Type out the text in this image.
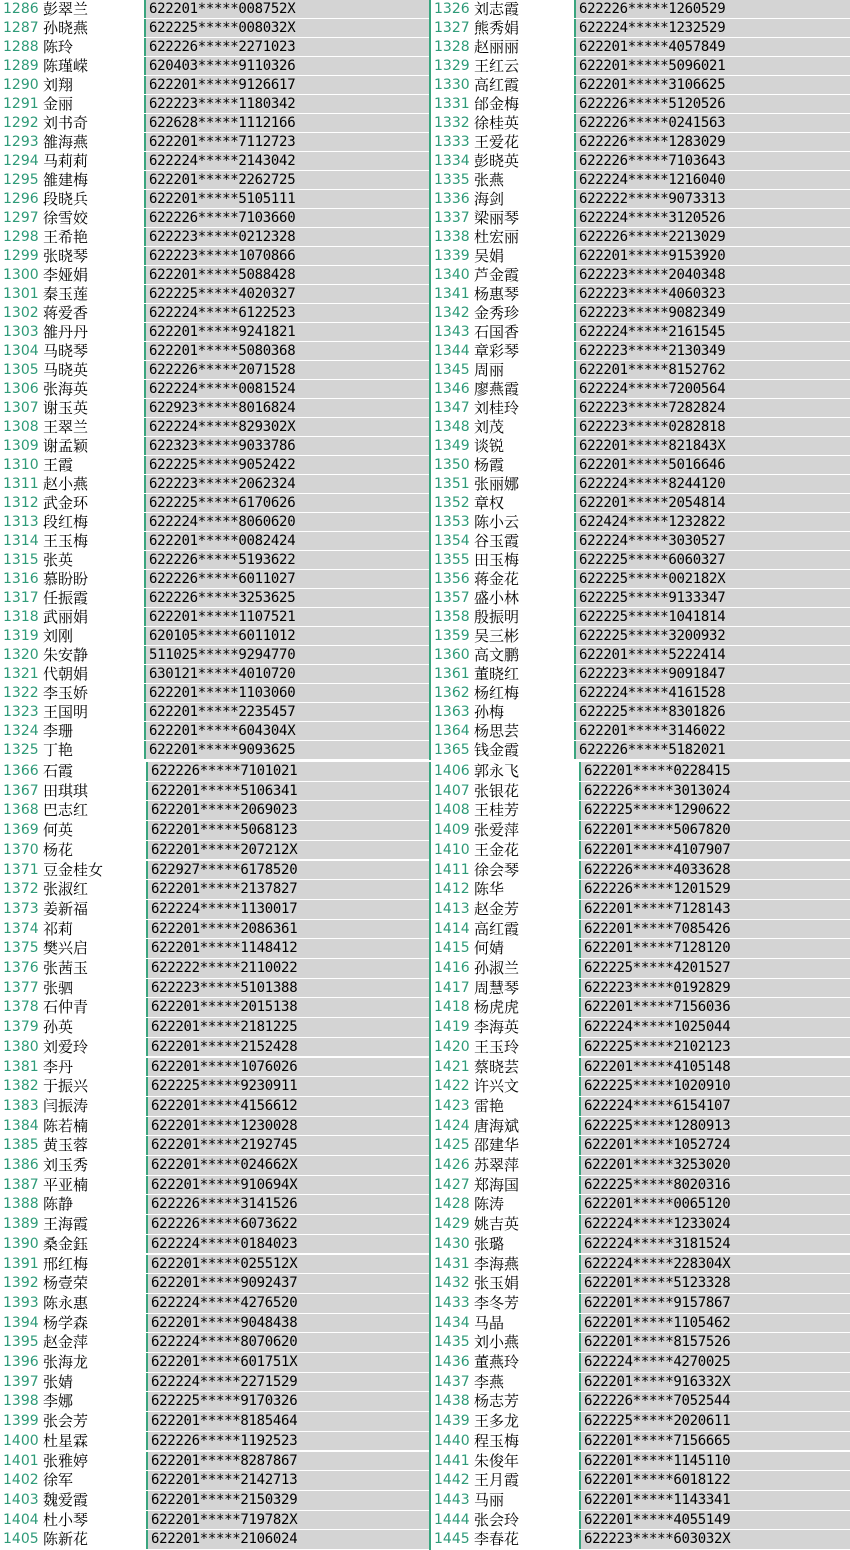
1286 彭翠兰	622201*****008752X
1287 孙晓燕	622225*****008032X
1288 陈玲	622226*****2271023
1289 陈瑾嵘	620403*****9110326
1290 刘翔	622201*****9126617
1291 金丽	622223*****1180342
1292 刘书奇	622628*****1112166
1293 雒海燕	622201*****7112723
1294 马莉莉	622224*****2143042
1295 雒建梅	622201*****2262725
1296 段晓兵	622201*****5105111
1297 徐雪姣	622226*****7103660
1298 王希艳	622223*****0212328
1299 张晓琴	622223*****1070866
1300 李娅娟	622201*****5088428
1301 秦玉莲	622225*****4020327
1302 蒋爱香	622224*****6122523
1303 雒丹丹	622201*****9241821
1304 马晓琴	622201*****5080368
1305 马晓英	622226*****2071528
1306 张海英	622224*****0081524
1307 谢玉英	622923*****8016824
1308 王翠兰	622224*****829302X
1309 谢孟颖	622323*****9033786
1310 王霞	622225*****9052422
1311 赵小燕	622223*****2062324
1312 武金环	622225*****6170626
1313 段红梅	622224*****8060620
1314 王玉梅	622201*****0082424
1315 张英	622226*****5193622
1316 慕盼盼	622226*****6011027
1317 任振霞	622226*****3253625
1318 武丽娟	622201*****1107521
1319 刘刚	620105*****6011012
1320 朱安静	511025*****9294770
1321 代朝娟	630121*****4010720
1322 李玉娇	622201*****1103060
1323 王国明	622201*****2235457
1324 李珊	622201*****604304X
1325 丁艳	622201*****9093625
1326 刘志霞	622226*****1260529
1327 熊秀娟	622224*****1232529
1328 赵丽丽	622201*****4057849
1329 王红云	622201*****5096021
1330 高红霞	622201*****3106625
1331 邰金梅	622226*****5120526
1332 徐桂英	622226*****0241563
1333 王爱花	622226*****1283029
1334 彭晓英	622226*****7103643
1335 张燕	622224*****1216040
1336 海剑	622222*****9073313
1337 梁丽琴	622224*****3120526
1338 杜宏丽	622226*****2213029
1339 吴娟	622201*****9153920
1340 芦金霞	622223*****2040348
1341 杨惠琴	622223*****4060323
1342 金秀珍	622223*****9082349
1343 石国香	622224*****2161545
1344 章彩琴	622223*****2130349
1345 周丽	622201*****8152762
1346 廖燕霞	622224*****7200564
1347 刘桂玲	622223*****7282824
1348 刘茂	622223*****0282818
1349 谈锐	622201*****821843X
1350 杨霞	622201*****5016646
1351 张丽娜	622224*****8244120
1352 章权	622201*****2054814
1353 陈小云	622424*****1232822
1354 谷玉霞	622224*****3030527
1355 田玉梅	622225*****6060327
1356 蒋金花	622225*****002182X
1357 盛小林	622225*****9133347
1358 殷振明	622225*****1041814
1359 吴三彬	622225*****3200932
1360 高文鹏	622201*****5222414
1361 董晓红	622223*****9091847
1362 杨红梅	622224*****4161528
1363 孙梅	622225*****8301826
1364 杨思芸	622201*****3146022
1365 钱金霞	622226*****5182021
1366 石霞	622226*****7101021
1367 田琪琪	622201*****5106341
1368 巴志红	622201*****2069023
1369 何英	622201*****5068123
1370 杨花	622201*****207212X
1371 豆金桂女	622927*****6178520
1372 张淑红	622201*****2137827
1373 姜新福	622224*****1130017
1374 祁莉	622201*****2086361
1375 樊兴启	622201*****1148412
1376 张茜玉	622222*****2110022
1377 张驷	622223*****5101388
1378 石仲青	622201*****2015138
1379 孙英	622201*****2181225
1380 刘爱玲	622201*****2152428
1381 李丹	622201*****1076026
1382 于振兴	622225*****9230911
1383 闫振涛	622201*****4156612
1384 陈若楠	622201*****1230028
1385 黄玉蓉	622201*****2192745
1386 刘玉秀	622201*****024662X
1387 平亚楠	622201*****910694X
1388 陈静	622226*****3141526
1389 王海霞	622226*****6073622
1390 桑金鈺	622224*****0184023
1391 邢红梅	622201*****025512X
1392 杨壹荣	622201*****9092437
1393 陈永惠	622224*****4276520
1394 杨学森	622201*****9048438
1395 赵金萍	622224*****8070620
1396 张海龙	622201*****601751X
1397 张婧	622224*****2271529
1398 李娜	622225*****9170326
1399 张会芳	622201*****8185464
1400 杜星霖	622226*****1192523
1401 张雅婷	622201*****8287867
1402 徐军	622201*****2142713
1403 魏爱霞	622201*****2150329
1404 杜小琴	622201*****719782X
1405 陈新花	622201*****2106024
1406 郭永飞	622201*****0228415
1407 张银花	622226*****3013024
1408 王桂芳	622225*****1290622
1409 张爱萍	622201*****5067820
1410 王金花	622201*****4107907
1411 徐会琴	622226*****4033628
1412 陈华	622226*****1201529
1413 赵金芳	622201*****7128143
1414 高红霞	622201*****7085426
1415 何婧	622201*****7128120
1416 孙淑兰	622225*****4201527
1417 周慧琴	622223*****0192829
1418 杨虎虎	622201*****7156036
1419 李海英	622224*****1025044
1420 王玉玲	622225*****2102123
1421 蔡晓芸	622201*****4105148
1422 许兴文	622225*****1020910
1423 雷艳	622224*****6154107
1424 唐海斌	622225*****1280913
1425 邵建华	622201*****1052724
1426 苏翠萍	622201*****3253020
1427 郑海国	622225*****8020316
1428 陈涛	622201*****0065120
1429 姚吉英	622224*****1233024
1430 张璐	622224*****3181524
1431 李海燕	622224*****228304X
1432 张玉娟	622201*****5123328
1433 李冬芳	622201*****9157867
1434 马晶	622201*****1105462
1435 刘小燕	622201*****8157526
1436 董燕玲	622224*****4270025
1437 李燕	622201*****916332X
1438 杨志芳	622226*****7052544
1439 王多龙	622225*****2020611
1440 程玉梅	622201*****7156665
1441 朱俊年	622201*****1145110
1442 王月霞	622201*****6018122
1443 马丽	622201*****1143341
1444 张会玲	622201*****4055149
1445 李春花	622223*****603032X
